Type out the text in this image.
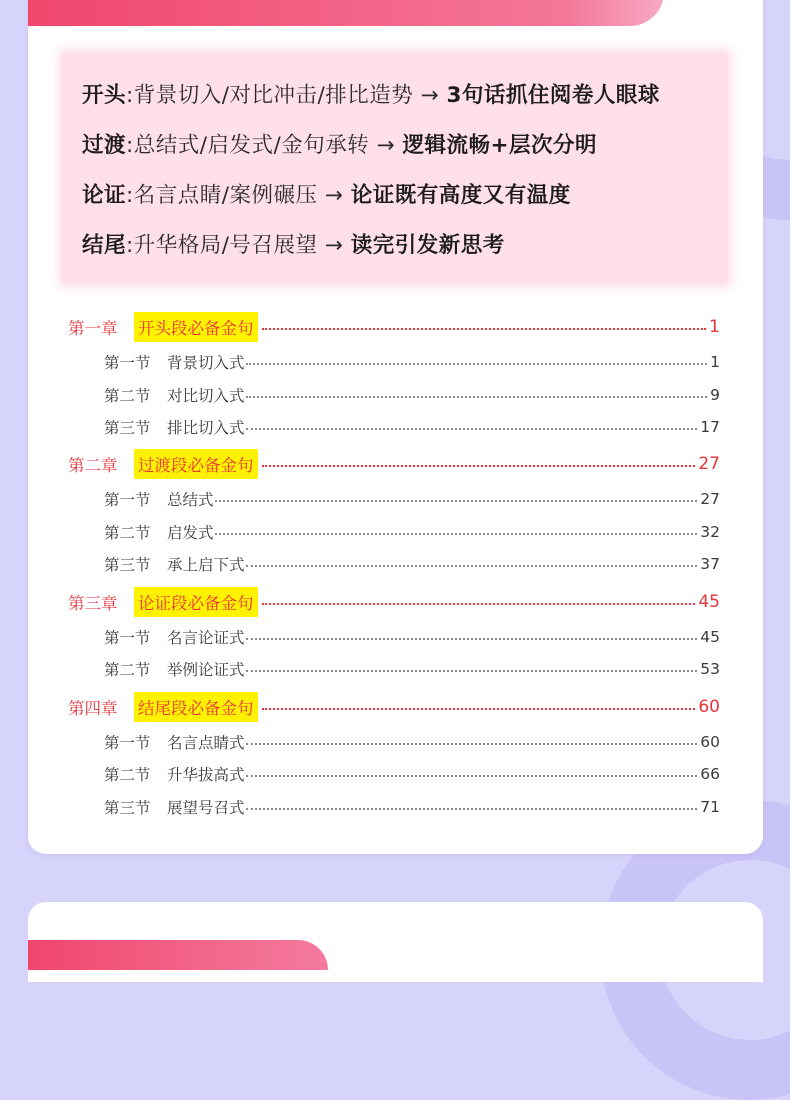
开头:背景切入/对比冲击/排比造势 → 3句话抓住阅卷人眼球
过渡:总结式/启发式/金句承转 → 逻辑流畅+层次分明
论证:名言点睛/案例碾压 → 论证既有高度又有温度
结尾:升华格局/号召展望 → 读完引发新思考
第一章	开头段必备金句	1
第一节	背景切入式	1
第二节	对比切入式	9
第三节	排比切入式	17
第二章	过渡段必备金句	27
第一节	总结式	27
第二节	启发式	32
第三节	承上启下式	37
第三章	论证段必备金句	45
第一节	名言论证式	45
第二节	举例论证式	53
第四章	结尾段必备金句	60
第一节	名言点睛式	60
第二节	升华拔高式	66
第三节	展望号召式	71
